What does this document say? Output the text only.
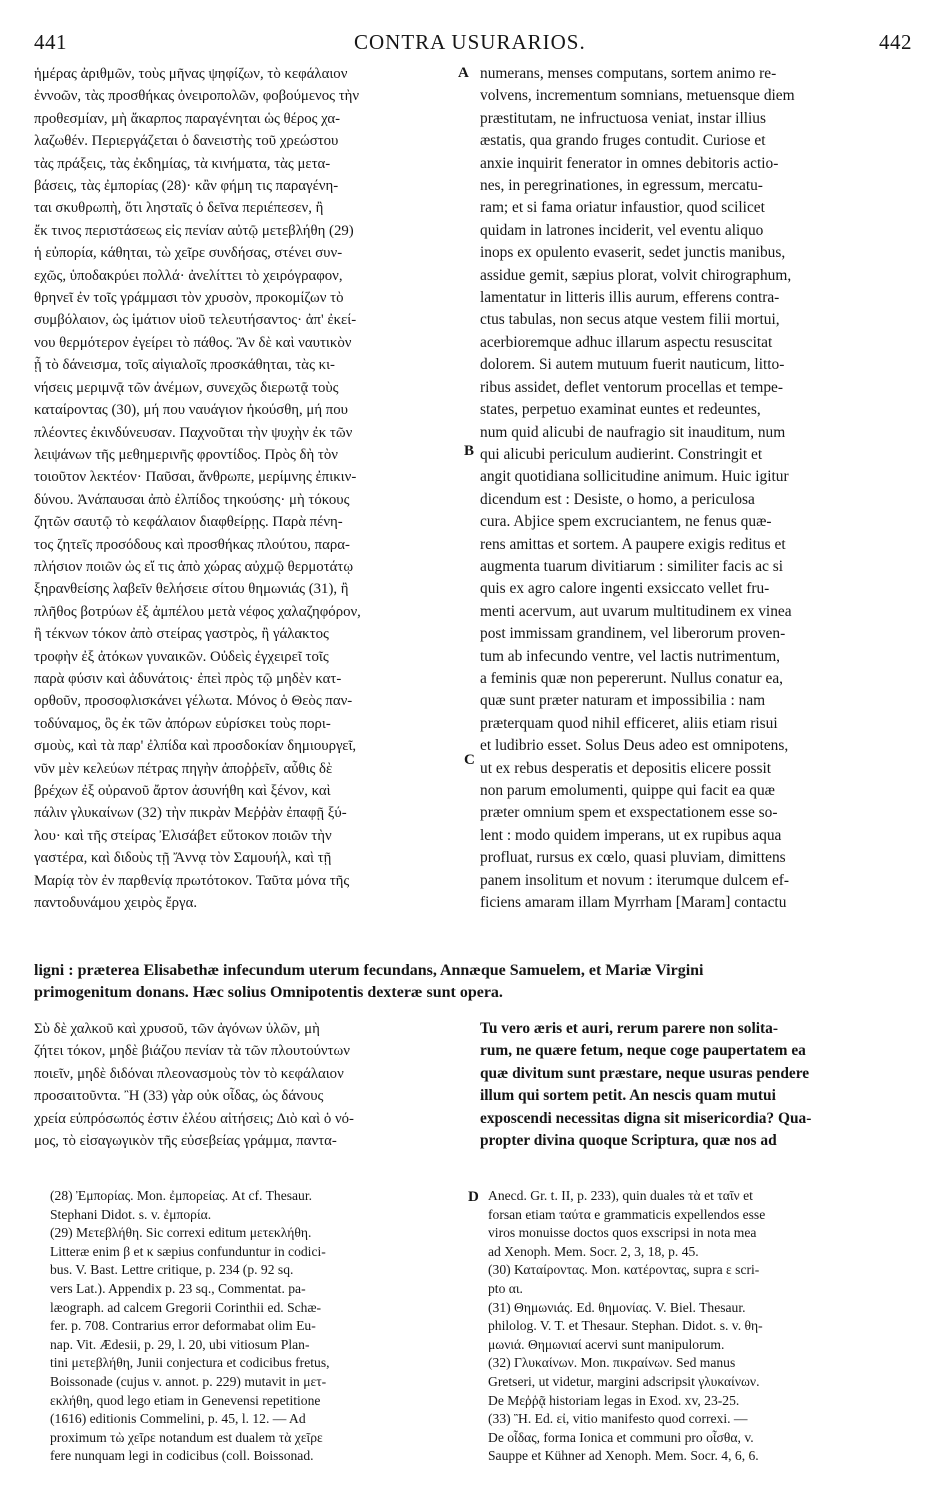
441	CONTRA USURARIOS.	442
A
B
C
D
ἡμέρας ἀριθμῶν, τοὺς μῆνας ψηφίζων, τὸ κεφάλαιον
ἐννοῶν, τὰς προσθήκας ὀνειροπολῶν, φοβούμενος τὴν
προθεσμίαν, μὴ ἄκαρπος παραγένηται ὡς θέρος χα-
λαζωθέν. Περιεργάζεται ὁ δανειστὴς τοῦ χρεώστου
τὰς πράξεις, τὰς ἐκδημίας, τὰ κινήματα, τὰς μετα-
βάσεις, τὰς ἐμπορίας (28)· κἂν φήμη τις παραγένη-
ται σκυθρωπὴ, ὅτι λησταῖς ὁ δεῖνα περιέπεσεν, ἢ
ἔκ τινος περιστάσεως εἰς πενίαν αὐτῷ μετεβλήθη (29)
ἡ εὐπορία, κάθηται, τὼ χεῖρε συνδήσας, στένει συν-
εχῶς, ὑποδακρύει πολλά· ἀνελίττει τὸ χειρόγραφον,
θρηνεῖ ἐν τοῖς γράμμασι τὸν χρυσὸν, προκομίζων τὸ
συμβόλαιον, ὡς ἱμάτιον υἱοῦ τελευτήσαντος· ἀπ' ἐκεί-
νου θερμότερον ἐγείρει τὸ πάθος. Ἂν δὲ καὶ ναυτικὸν
ᾖ τὸ δάνεισμα, τοῖς αἰγιαλοῖς προσκάθηται, τὰς κι-
νήσεις μεριμνᾷ τῶν ἀνέμων, συνεχῶς διερωτᾷ τοὺς
καταίροντας (30), μή που ναυάγιον ἠκούσθη, μή που
πλέοντες ἐκινδύνευσαν. Παχνοῦται τὴν ψυχὴν ἐκ τῶν
λειψάνων τῆς μεθημερινῆς φροντίδος. Πρὸς δὴ τὸν
τοιοῦτον λεκτέον· Παῦσαι, ἄνθρωπε, μερίμνης ἐπικιν-
δύνου. Ἀνάπαυσαι ἀπὸ ἐλπίδος τηκούσης· μὴ τόκους
ζητῶν σαυτῷ τὸ κεφάλαιον διαφθείρῃς. Παρὰ πένη-
τος ζητεῖς προσόδους καὶ προσθήκας πλούτου, παρα-
πλήσιον ποιῶν ὡς εἴ τις ἀπὸ χώρας αὐχμῷ θερμοτάτῳ
ξηρανθείσης λαβεῖν θελήσειε σίτου θημωνιάς (31), ἢ
πλῆθος βοτρύων ἐξ ἀμπέλου μετὰ νέφος χαλαζηφόρον,
ἢ τέκνων τόκον ἀπὸ στείρας γαστρὸς, ἢ γάλακτος
τροφὴν ἐξ ἀτόκων γυναικῶν. Οὐδεὶς ἐγχειρεῖ τοῖς
παρὰ φύσιν καὶ ἀδυνάτοις· ἐπεὶ πρὸς τῷ μηδὲν κατ-
ορθοῦν, προσοφλισκάνει γέλωτα. Μόνος ὁ Θεὸς παν-
τοδύναμος, ὃς ἐκ τῶν ἀπόρων εὑρίσκει τοὺς πορι-
σμοὺς, καὶ τὰ παρ' ἐλπίδα καὶ προσδοκίαν δημιουργεῖ,
νῦν μὲν κελεύων πέτρας πηγὴν ἀποῤῥεῖν, αὖθις δὲ
βρέχων ἐξ οὐρανοῦ ἄρτον ἀσυνήθη καὶ ξένον, καὶ
πάλιν γλυκαίνων (32) τὴν πικρὰν Μεῤῥὰν ἐπαφῇ ξύ-
λου· καὶ τῆς στείρας Ἐλισάβετ εὔτοκον ποιῶν τὴν
γαστέρα, καὶ διδοὺς τῇ Ἄννᾳ τὸν Σαμουήλ, καὶ τῇ
Μαρίᾳ τὸν ἐν παρθενίᾳ πρωτότοκον. Ταῦτα μόνα τῆς
παντοδυνάμου χειρὸς ἔργα.
numerans, menses computans, sortem animo re-
volvens, incrementum somnians, metuensque diem
præstitutam, ne infructuosa veniat, instar illius
æstatis, qua grando fruges contudit. Curiose et
anxie inquirit fenerator in omnes debitoris actio-
nes, in peregrinationes, in egressum, mercatu-
ram; et si fama oriatur infaustior, quod scilicet
quidam in latrones inciderit, vel eventu aliquo
inops ex opulento evaserit, sedet junctis manibus,
assidue gemit, sæpius plorat, volvit chirographum,
lamentatur in litteris illis aurum, efferens contra-
ctus tabulas, non secus atque vestem filii mortui,
acerbioremque adhuc illarum aspectu resuscitat
dolorem. Si autem mutuum fuerit nauticum, litto-
ribus assidet, deflet ventorum procellas et tempe-
states, perpetuo examinat euntes et redeuntes,
num quid alicubi de naufragio sit inauditum, num
qui alicubi periculum audierint. Constringit et
angit quotidiana sollicitudine animum. Huic igitur
dicendum est : Desiste, o homo, a periculosa
cura. Abjice spem excruciantem, ne fenus quæ-
rens amittas et sortem. A paupere exigis reditus et
augmenta tuarum divitiarum : similiter facis ac si
quis ex agro calore ingenti exsiccato vellet fru-
menti acervum, aut uvarum multitudinem ex vinea
post immissam grandinem, vel liberorum proven-
tum ab infecundo ventre, vel lactis nutrimentum,
a feminis quæ non pepererunt. Nullus conatur ea,
quæ sunt præter naturam et impossibilia : nam
præterquam quod nihil efficeret, aliis etiam risui
et ludibrio esset. Solus Deus adeo est omnipotens,
ut ex rebus desperatis et depositis elicere possit
non parum emolumenti, quippe qui facit ea quæ
præter omnium spem et exspectationem esse so-
lent : modo quidem imperans, ut ex rupibus aqua
profluat, rursus ex cœlo, quasi pluviam, dimittens
panem insolitum et novum : iterumque dulcem ef-
ficiens amaram illam Myrrham [Maram] contactu
ligni : præterea Elisabethæ infecundum uterum fecundans, Annæque Samuelem, et Mariæ Virgini
primogenitum donans. Hæc solius Omnipotentis dexteræ sunt opera.
Σὺ δὲ χαλκοῦ καὶ χρυσοῦ, τῶν ἀγόνων ὑλῶν, μὴ
ζήτει τόκον, μηδὲ βιάζου πενίαν τὰ τῶν πλουτούντων
ποιεῖν, μηδὲ διδόναι πλεονασμοὺς τὸν τὸ κεφάλαιον
προσαιτοῦντα. Ἢ (33) γὰρ οὐκ οἶδας, ὡς δάνους
χρεία εὐπρόσωπός ἐστιν ἐλέου αἰτήσεις; Διὸ καὶ ὁ νό-
μος, τὸ εἰσαγωγικὸν τῆς εὐσεβείας γράμμα, παντα-
Tu vero æris et auri, rerum parere non solita-
rum, ne quære fetum, neque coge paupertatem ea
quæ divitum sunt præstare, neque usuras pendere
illum qui sortem petit. An nescis quam mutui
exposcendi necessitas digna sit misericordia? Qua-
propter divina quoque Scriptura, quæ nos ad
(28) Ἐμπορίας. Mon. ἐμπορείας. At cf. Thesaur.
Stephani Didot. s. v. ἐμπορία.
(29) Μετεβλήθη. Sic correxi editum μετεκλήθη.
Litteræ enim β et κ sæpius confunduntur in codici-
bus. V. Bast. Lettre critique, p. 234 (p. 92 sq.
vers Lat.). Appendix p. 23 sq., Commentat. pa-
læograph. ad calcem Gregorii Corinthii ed. Schæ-
fer. p. 708. Contrarius error deformabat olim Eu-
nap. Vit. Ædesii, p. 29, l. 20, ubi vitiosum Plan-
tini μετεβλήθη, Junii conjectura et codicibus fretus,
Boissonade (cujus v. annot. p. 229) mutavit in μετ-
εκλήθη, quod lego etiam in Genevensi repetitione
(1616) editionis Commelini, p. 45, l. 12. — Ad
proximum τὼ χεῖρε notandum est dualem τὰ χεῖρε
fere nunquam legi in codicibus (coll. Boissonad.
Anecd. Gr. t. II, p. 233), quin duales τὰ et ταῖν et
forsan etiam ταύτα e grammaticis expellendos esse
viros monuisse doctos quos exscripsi in nota mea
ad Xenoph. Mem. Socr. 2, 3, 18, p. 45.
(30) Καταίροντας. Mon. κατέροντας, supra ε scri-
pto αι.
(31) Θημωνιάς. Ed. θημονίας. V. Biel. Thesaur.
philolog. V. T. et Thesaur. Stephan. Didot. s. v. θη-
μωνιά. Θημωνιαί acervi sunt manipulorum.
(32) Γλυκαίνων. Mon. πικραίνων. Sed manus
Gretseri, ut videtur, margini adscripsit γλυκαίνων.
De Μεῤῥᾷ historiam legas in Exod. xv, 23-25.
(33) Ἢ. Ed. εἰ, vitio manifesto quod correxi. —
De οἶδας, forma Ionica et communi pro οἶσθα, v.
Sauppe et Kühner ad Xenoph. Mem. Socr. 4, 6, 6.
